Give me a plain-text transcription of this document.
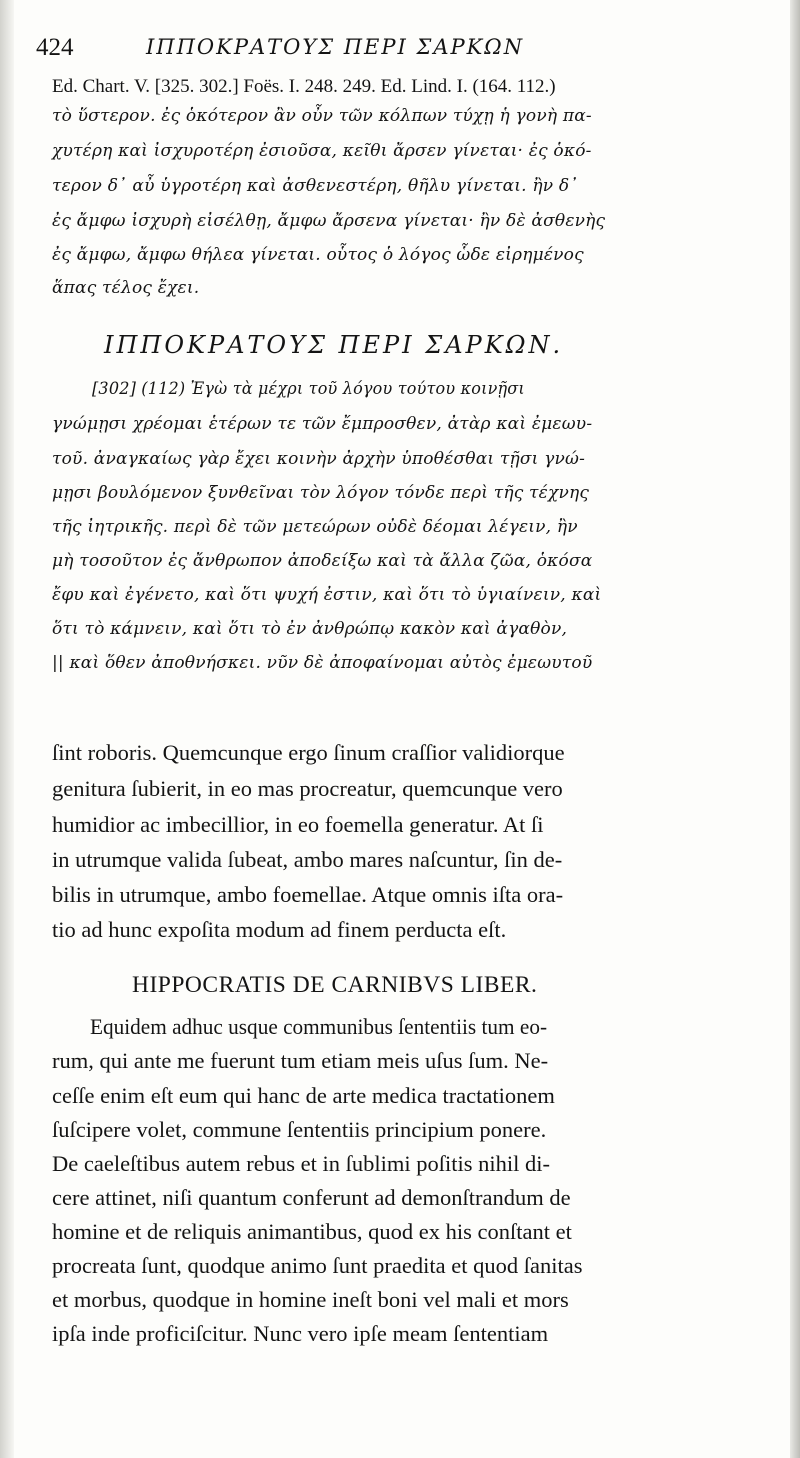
424	ΙΠΠΟΚΡΑΤΟΥΣ ΠΕΡΙ ΣΑΡΚΩΝ
Ed. Chart. V. [325. 302.] Foës. I. 248. 249. Ed. Lind. I. (164. 112.)
τὸ ὕστερον. ἐς ὁκότερον ἂν οὖν τῶν κόλπων τύχῃ ἡ γονὴ πα-
χυτέρη καὶ ἰσχυροτέρη ἐσιοῦσα, κεῖθι ἄρσεν γίνεται· ἐς ὁκό-
τερον δ᾽ αὖ ὑγροτέρη καὶ ἀσθενεστέρη, θῆλυ γίνεται. ἢν δ᾽
ἐς ἄμφω ἰσχυρὴ εἰσέλθῃ, ἄμφω ἄρσενα γίνεται· ἢν δὲ ἀσθενὴς
ἐς ἄμφω, ἄμφω θήλεα γίνεται. οὗτος ὁ λόγος ὧδε εἰρημένος
ἅπας τέλος ἔχει.
ΙΠΠΟΚΡΑΤΟΥΣ ΠΕΡΙ ΣΑΡΚΩΝ.
[302] (112) Ἐγὼ τὰ μέχρι τοῦ λόγου τούτου κοινῇσι
γνώμῃσι χρέομαι ἑτέρων τε τῶν ἔμπροσθεν, ἀτὰρ καὶ ἐμεωυ-
τοῦ. ἀναγκαίως γὰρ ἔχει κοινὴν ἀρχὴν ὑποθέσθαι τῇσι γνώ-
μῃσι βουλόμενον ξυνθεῖναι τὸν λόγον τόνδε περὶ τῆς τέχνης
τῆς ἰητρικῆς. περὶ δὲ τῶν μετεώρων οὐδὲ δέομαι λέγειν, ἢν
μὴ τοσοῦτον ἐς ἄνθρωπον ἀποδείξω καὶ τὰ ἄλλα ζῶα, ὁκόσα
ἔφυ καὶ ἐγένετο, καὶ ὅτι ψυχή ἐστιν, καὶ ὅτι τὸ ὑγιαίνειν, καὶ
ὅτι τὸ κάμνειν, καὶ ὅτι τὸ ἐν ἀνθρώπῳ κακὸν καὶ ἀγαθὸν,
|| καὶ ὅθεν ἀποθνήσκει. νῦν δὲ ἀποφαίνομαι αὐτὸς ἐμεωυτοῦ
ſint roboris. Quemcunque ergo ſinum craſſior validiorque
genitura ſubierit, in eo mas procreatur, quemcunque vero
humidior ac imbecillior, in eo foemella generatur. At ſi
in utrumque valida ſubeat, ambo mares naſcuntur, ſin de-
bilis in utrumque, ambo foemellae. Atque omnis iſta ora-
tio ad hunc expoſita modum ad finem perducta eſt.
HIPPOCRATIS DE CARNIBVS LIBER.
Equidem adhuc usque communibus ſententiis tum eo-
rum, qui ante me fuerunt tum etiam meis uſus ſum. Ne-
ceſſe enim eſt eum qui hanc de arte medica tractationem
ſuſcipere volet, commune ſententiis principium ponere.
De caeleſtibus autem rebus et in ſublimi poſitis nihil di-
cere attinet, niſi quantum conferunt ad demonſtrandum de
homine et de reliquis animantibus, quod ex his conſtant et
procreata ſunt, quodque animo ſunt praedita et quod ſanitas
et morbus, quodque in homine ineſt boni vel mali et mors
ipſa inde proficiſcitur. Nunc vero ipſe meam ſententiam
